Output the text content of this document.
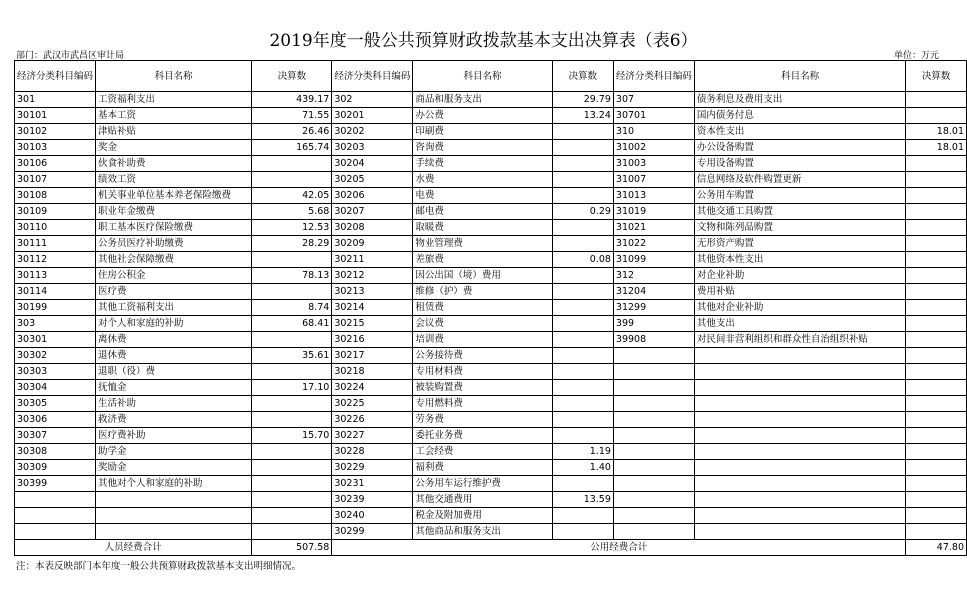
2019年度一般公共预算财政拨款基本支出决算表（表6）
部门：武汉市武昌区审计局	单位：万元
经济分类科目编码	科目名称	决算数	经济分类科目编码	科目名称	决算数	经济分类科目编码	科目名称	决算数
301	工资福利支出	439.17	302	商品和服务支出	29.79	307	债务利息及费用支出	
30101	基本工资	71.55	30201	办公费	13.24	30701	国内债务付息	
30102	津贴补贴	26.46	30202	印刷费		310	资本性支出	18.01
30103	奖金	165.74	30203	咨询费		31002	办公设备购置	18.01
30106	伙食补助费		30204	手续费		31003	专用设备购置	
30107	绩效工资		30205	水费		31007	信息网络及软件购置更新	
30108	机关事业单位基本养老保险缴费	42.05	30206	电费		31013	公务用车购置	
30109	职业年金缴费	5.68	30207	邮电费	0.29	31019	其他交通工具购置	
30110	职工基本医疗保险缴费	12.53	30208	取暖费		31021	文物和陈列品购置	
30111	公务员医疗补助缴费	28.29	30209	物业管理费		31022	无形资产购置	
30112	其他社会保障缴费		30211	差旅费	0.08	31099	其他资本性支出	
30113	住房公积金	78.13	30212	因公出国（境）费用		312	对企业补助	
30114	医疗费		30213	维修（护）费		31204	费用补贴	
30199	其他工资福利支出	8.74	30214	租赁费		31299	其他对企业补助	
303	对个人和家庭的补助	68.41	30215	会议费		399	其他支出	
30301	离休费		30216	培训费		39908	对民间非营利组织和群众性自治组织补贴	
30302	退休费	35.61	30217	公务接待费				
30303	退职（役）费		30218	专用材料费				
30304	抚恤金	17.10	30224	被装购置费				
30305	生活补助		30225	专用燃料费				
30306	救济费		30226	劳务费				
30307	医疗费补助	15.70	30227	委托业务费				
30308	助学金		30228	工会经费	1.19			
30309	奖励金		30229	福利费	1.40			
30399	其他对个人和家庭的补助		30231	公务用车运行维护费				
			30239	其他交通费用	13.59			
			30240	税金及附加费用				
			30299	其他商品和服务支出				
人员经费合计		507.58	公用经费合计					47.80
注：本表反映部门本年度一般公共预算财政拨款基本支出明细情况。
